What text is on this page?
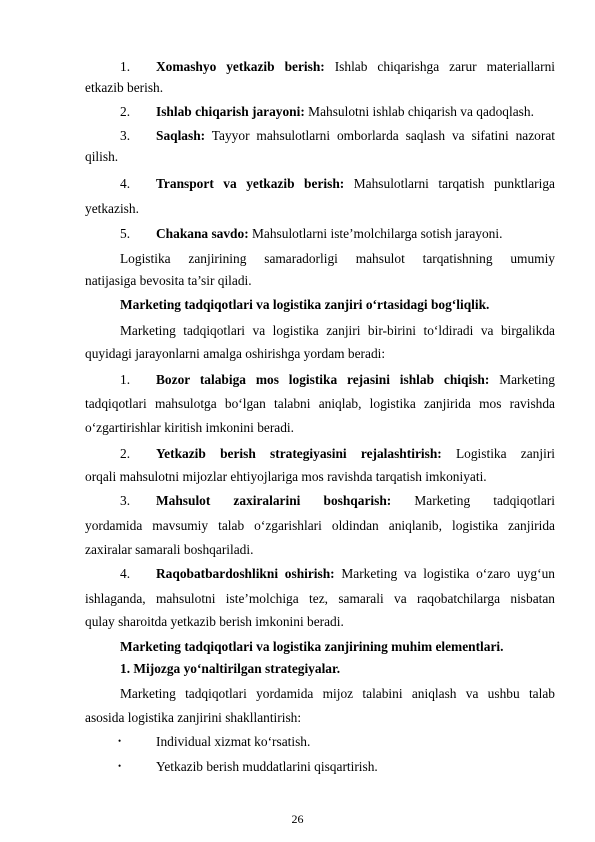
1. Xomashyo yetkazib berish: Ishlab chiqarishga zarur materiallarni
etkazib berish.
2. Ishlab chiqarish jarayoni: Mahsulotni ishlab chiqarish va qadoqlash.
3. Saqlash: Tayyor mahsulotlarni omborlarda saqlash va sifatini nazorat
qilish.
4. Transport va yetkazib berish: Mahsulotlarni tarqatish punktlariga
yetkazish.
5. Chakana savdo: Mahsulotlarni iste’molchilarga sotish jarayoni.
Logistika zanjirining samaradorligi mahsulot tarqatishning umumiy
natijasiga bevosita ta’sir qiladi.
Marketing tadqiqotlari va logistika zanjiri o‘rtasidagi bog‘liqlik.
Marketing tadqiqotlari va logistika zanjiri bir-birini to‘ldiradi va birgalikda
quyidagi jarayonlarni amalga oshirishga yordam beradi:
1. Bozor talabiga mos logistika rejasini ishlab chiqish: Marketing
tadqiqotlari mahsulotga bo‘lgan talabni aniqlab, logistika zanjirida mos ravishda
o‘zgartirishlar kiritish imkonini beradi.
2. Yetkazib berish strategiyasini rejalashtirish: Logistika zanjiri
orqali mahsulotni mijozlar ehtiyojlariga mos ravishda tarqatish imkoniyati.
3. Mahsulot zaxiralarini boshqarish: Marketing tadqiqotlari
yordamida mavsumiy talab o‘zgarishlari oldindan aniqlanib, logistika zanjirida
zaxiralar samarali boshqariladi.
4. Raqobatbardoshlikni oshirish: Marketing va logistika o‘zaro uyg‘un
ishlaganda, mahsulotni iste’molchiga tez, samarali va raqobatchilarga nisbatan
qulay sharoitda yetkazib berish imkonini beradi.
Marketing tadqiqotlari va logistika zanjirining muhim elementlari.
1. Mijozga yo‘naltirilgan strategiyalar.
Marketing tadqiqotlari yordamida mijoz talabini aniqlash va ushbu talab
asosida logistika zanjirini shakllantirish:
•	Individual xizmat ko‘rsatish.
•	Yetkazib berish muddatlarini qisqartirish.
26
